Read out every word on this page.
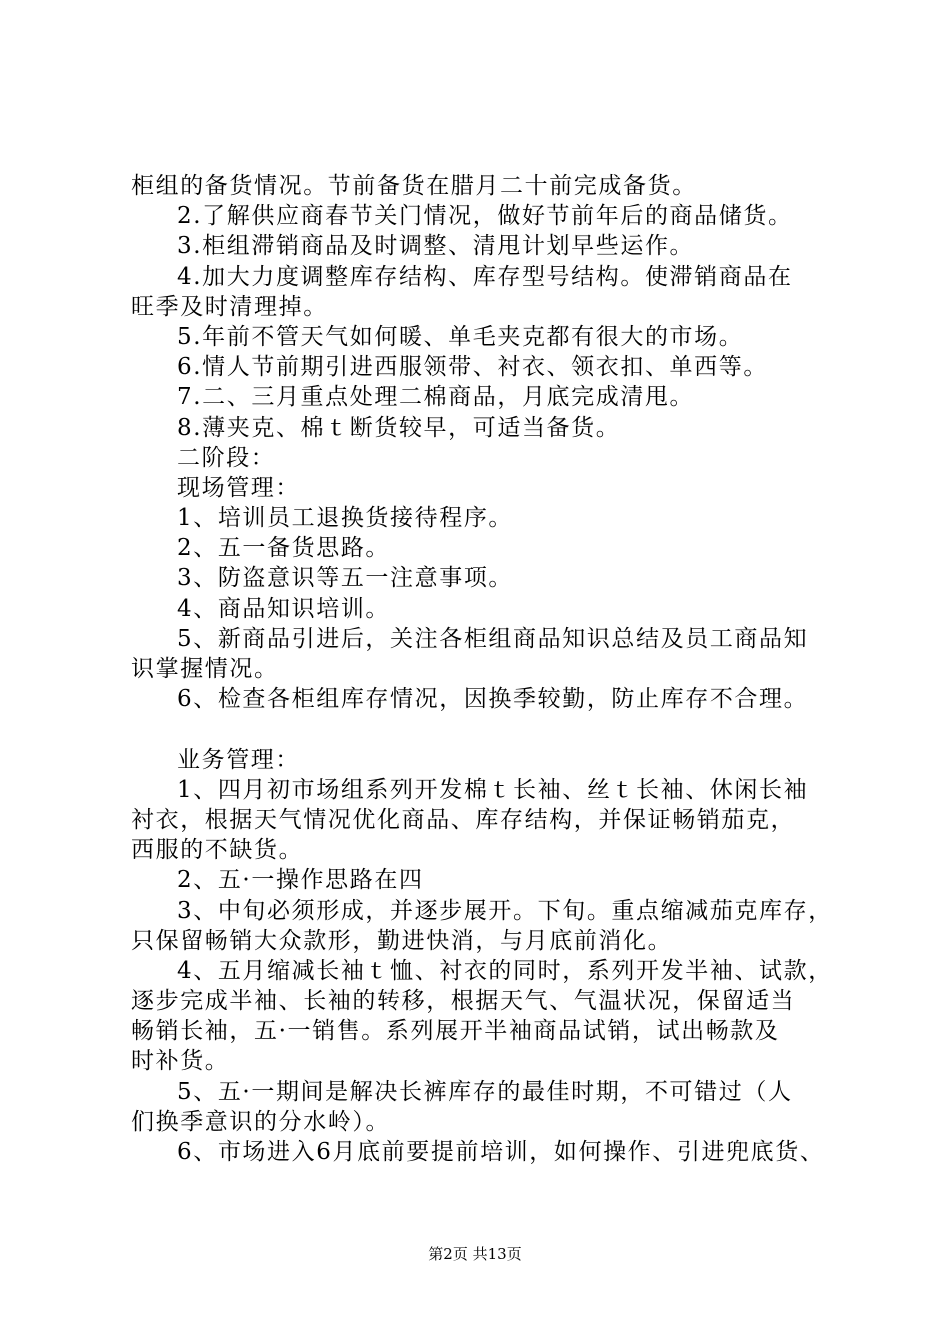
柜组的备货情况。节前备货在腊月二十前完成备货。
2.了解供应商春节关门情况，做好节前年后的商品储货。
3.柜组滞销商品及时调整、清甩计划早些运作。
4.加大力度调整库存结构、库存型号结构。使滞销商品在
旺季及时清理掉。
5.年前不管天气如何暖、单毛夹克都有很大的市场。
6.情人节前期引进西服领带、衬衣、领衣扣、单西等。
7.二、三月重点处理二棉商品，月底完成清甩。
8.薄夹克、棉ｔ断货较早，可适当备货。
二阶段：
现场管理：
1、培训员工退换货接待程序。
2、五一备货思路。
3、防盗意识等五一注意事项。
4、商品知识培训。
5、新商品引进后，关注各柜组商品知识总结及员工商品知
识掌握情况。
6、检查各柜组库存情况，因换季较勤，防止库存不合理。
业务管理：
1、四月初市场组系列开发棉ｔ长袖、丝ｔ长袖、休闲长袖
衬衣，根据天气情况优化商品、库存结构，并保证畅销茄克，
西服的不缺货。
2、五·一操作思路在四
3、中旬必须形成，并逐步展开。下旬。重点缩减茄克库存，
只保留畅销大众款形，勤进快消，与月底前消化。
4、五月缩减长袖ｔ恤、衬衣的同时，系列开发半袖、试款，
逐步完成半袖、长袖的转移，根据天气、气温状况，保留适当
畅销长袖，五·一销售。系列展开半袖商品试销，试出畅款及
时补货。
5、五·一期间是解决长裤库存的最佳时期，不可错过（人
们换季意识的分水岭）。
6、市场进入6月底前要提前培训，如何操作、引进兜底货、
第2页 共13页
